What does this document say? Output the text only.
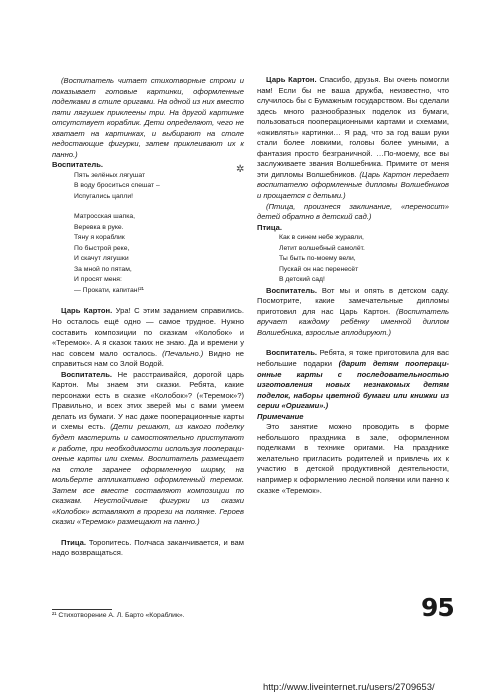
(Воспитатель читает стихотворные строки и показывает готовые картинки, оформленные поделками в стиле оригами. На одной из них вместо пяти лягушек приклеены три. На другой картинке отсутствует кораблик. Дети определяют, чего не хватает на картинках, и выбирают на столе недостающие фигурки, затем приклеивают их к панно.)

Воспитатель.

Пять зелёных лягушат

В воду броситься спешат –

Испугались цапли!

Матросская шапка,

Веревка в руке.

Тяну я кораблик

По быстрой реке,

И скачут лягушки

За мной по пятам,

И просят меня:

— Прокати, капитан!²¹

Царь Картон. Ура! С этим заданием справились. Но осталось ещё одно — самое трудное. Нужно составить композиции по сказкам «Колобок» и «Теремок». А я сказок таких не знаю. Да и времени у нас совсем мало осталось. (Печально.) Видно не справиться нам со Злой Водой.

Воспитатель. Не расстраивайся, дорогой царь Картон. Мы знаем эти сказки. Ребята, какие персонажи есть в сказке «Колобок»? («Теремок»?) Правильно, и всех этих зверей мы с вами умеем делать из бумаги. У нас даже пооперационные карты и схемы есть. (Дети решают, из какого поделку будет мастерить и самостоятельно приступают к работе, при необходимости используя пооперационные карты или схемы. Воспитатель размещает на столе заранее оформленную ширму, на мольберте аппликативно оформленный теремок. Затем все вместе составляют композиции по сказкам. Неустойчивые фигурки из сказки «Колобок» вставляют в прорези на полянке. Героев сказки «Теремок» размещают на панно.)

Птица. Торопитесь. Полчаса заканчивается, и вам надо возвращаться.

Царь Картон. Спасибо, друзья. Вы очень помогли нам! Если бы не ваша дружба, неизвестно, что случилось бы с Бумажным государством. Вы сделали здесь много разнообразных поделок из бумаги, пользоваться пооперационными картами и схемами, «оживлять» картинки… Я рад, что за год ваши руки стали более ловкими, головы более умными, а фантазия просто безграничной. …По-моему, все вы заслуживаете звания Волшебника. Примите от меня эти дипломы Волшебников. (Царь Картон передает воспитателю оформленные дипломы Волшебников и прощается с детьми.)

(Птица, произнеся заклинание, «переносит» детей обратно в детский сад.)

Птица.

Как в синем небе журавли,

Летит волшебный самолёт.

Ты быть по-моему вели,

Пускай он нас перенесёт

В детский сад!

Воспитатель. Вот мы и опять в детском саду. Посмотрите, какие замечательные дипломы приготовил для нас Царь Картон. (Воспитатель вручает каждому ребёнку именной диплом Волшебника, взрослые аплодируют.)

Воспитатель. Ребята, я тоже приготовила для вас небольшие подарки (дарит детям пооперационные карты с последовательностью изготовления новых незнакомых детям поделок, наборы цветной бумаги или книжки из серии «Оригами».)

Примечание

Это занятие можно проводить в форме небольшого праздника в зале, оформленном поделками в технике оригами. На празднике желательно пригласить родителей и привлечь их к участию в детской продуктивной деятельности, например к оформлению лесной полянки или панно к сказке «Теремок».

✲
²¹ Стихотворение А. Л. Барто «Кораблик».	95
http://www.liveinternet.ru/users/2709653/
